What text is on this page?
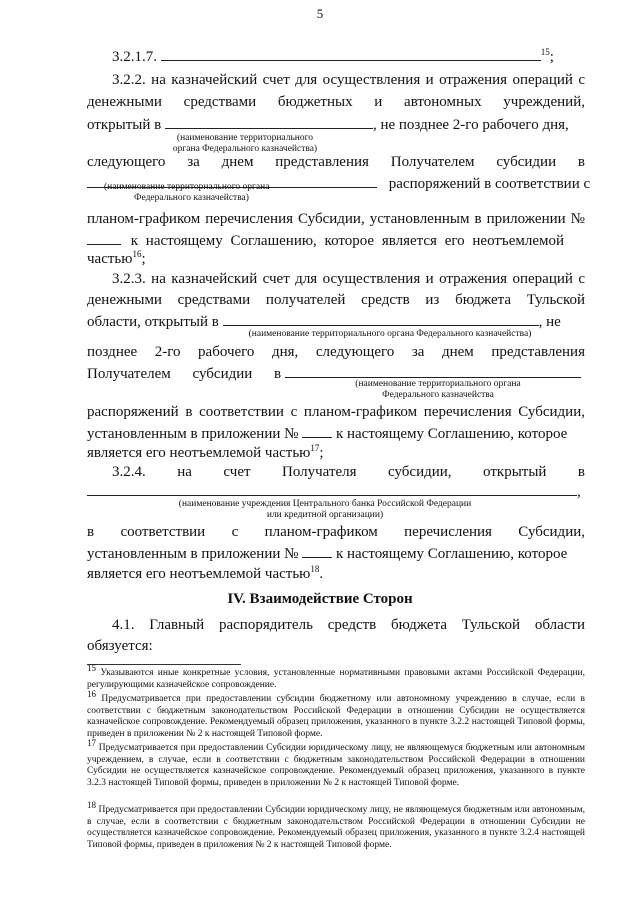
5
3.2.1.7.	$^{15}$;
3.2.2. на казначейский счет для осуществления и отражения операций с
денежными средствами бюджетных и автономных учреждений,
открытый в	, не позднее 2-го рабочего дня,
(наименование территориального
органа Федерального казначейства)
следующего за днем представления Получателем субсидии в
распоряжений в соответствии с
(наименование территориального органа
Федерального казначейства)
планом-графиком перечисления Субсидии, установленным в приложении №
к настоящему Соглашению, которое является его неотъемлемой
частью$^{16}$;
3.2.3. на казначейский счет для осуществления и отражения операций с
денежными средствами получателей средств из бюджета Тульской
области, открытый в	, не
(наименование территориального органа Федерального казначейства)
позднее 2-го рабочего дня, следующего за днем представления
Получателем субсидии в
(наименование территориального органа
Федерального казначейства
распоряжений в соответствии с планом-графиком перечисления Субсидии,
установленным в приложении №	к настоящему Соглашению, которое
является его неотъемлемой частью$^{17}$;
3.2.4. на счет Получателя субсидии, открытый в
,
(наименование учреждения Центрального банка Российской Федерации
или кредитной организации)
в соответствии с планом-графиком перечисления Субсидии,
установленным в приложении №	к настоящему Соглашению, которое
является его неотъемлемой частью$^{18}$.
IV. Взаимодействие Сторон
4.1. Главный распорядитель средств бюджета Тульской области
обязуется:
$^{15}$ Указываются иные конкретные условия, установленные нормативными правовыми актами Российской Федерации, регулирующими казначейское сопровождение.
$^{16}$ Предусматривается при предоставлении субсидии бюджетному или автономному учреждению в случае, если в соответствии с бюджетным законодательством Российской Федерации в отношении Субсидии не осуществляется казначейское сопровождение. Рекомендуемый образец приложения, указанного в пункте 3.2.2 настоящей Типовой формы, приведен в приложении № 2 к настоящей Типовой форме.
$^{17}$ Предусматривается при предоставлении Субсидии юридическому лицу, не являющемуся бюджетным или автономным учреждением, в случае, если в соответствии с бюджетным законодательством Российской Федерации в отношении Субсидии не осуществляется казначейское сопровождение. Рекомендуемый образец приложения, указанного в пункте 3.2.3 настоящей Типовой формы, приведен в приложении № 2 к настоящей Типовой форме.
$^{18}$ Предусматривается при предоставлении Субсидии юридическому лицу, не являющемуся бюджетным или автономным, в случае, если в соответствии с бюджетным законодательством Российской Федерации в отношении Субсидии не осуществляется казначейское сопровождение. Рекомендуемый образец приложения, указанного в пункте 3.2.4 настоящей Типовой формы, приведен в приложения № 2 к настоящей Типовой форме.
